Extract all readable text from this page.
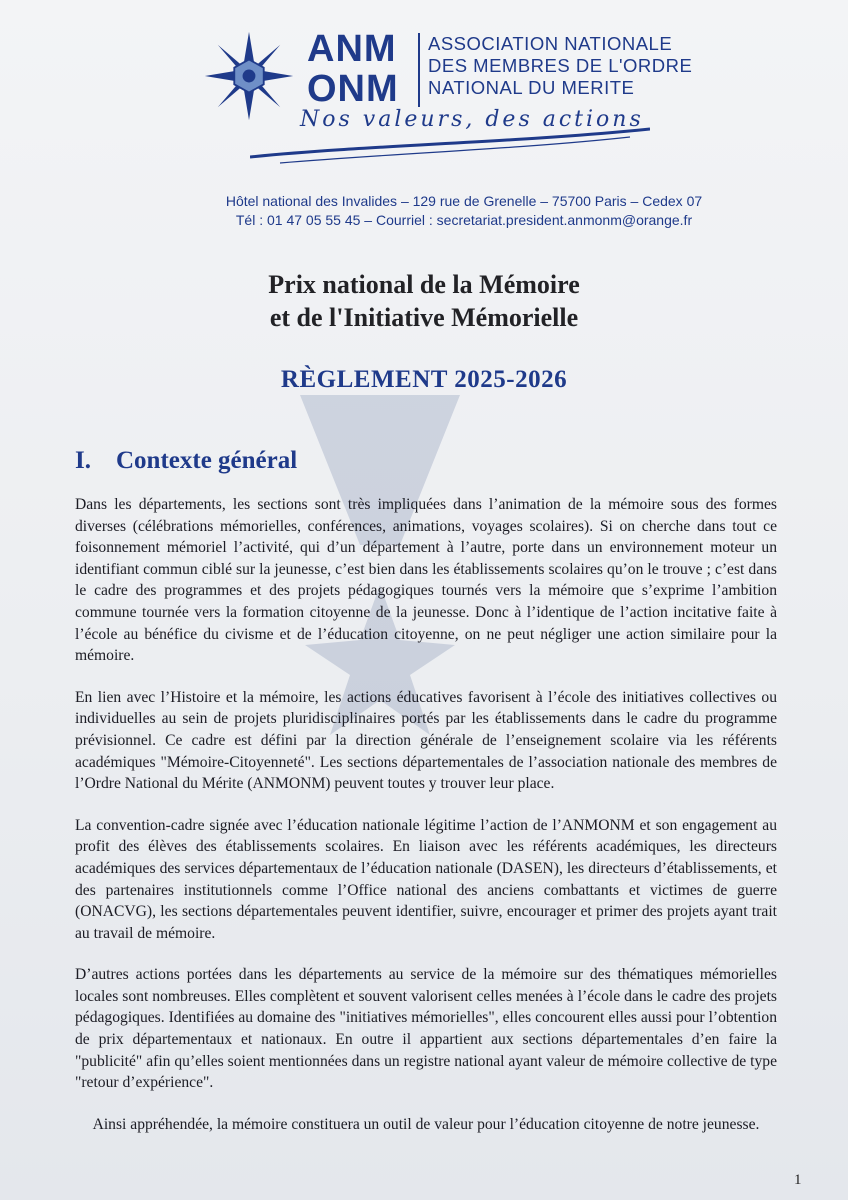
ANM
ONM
ASSOCIATION NATIONALE
DES MEMBRES DE L'ORDRE
NATIONAL DU MERITE
Nos valeurs, des actions
Hôtel national des Invalides – 129 rue de Grenelle – 75700 Paris – Cedex 07
Tél : 01 47 05 55 45 – Courriel : secretariat.president.anmonm@orange.fr
Prix national de la Mémoire
et de l'Initiative Mémorielle
RÈGLEMENT 2025-2026
I. Contexte général

Dans les départements, les sections sont très impliquées dans l’animation de la mémoire sous des formes diverses (célébrations mémorielles, conférences, animations, voyages scolaires). Si on cherche dans tout ce foisonnement mémoriel l’activité, qui d’un département à l’autre, porte dans un environnement moteur un identifiant commun ciblé sur la jeunesse, c’est bien dans les établissements scolaires qu’on le trouve ; c’est dans le cadre des programmes et des projets pédagogiques tournés vers la mémoire que s’exprime l’ambition commune tournée vers la formation citoyenne de la jeunesse. Donc à l’identique de l’action incitative faite à l’école au bénéfice du civisme et de l’éducation citoyenne, on ne peut négliger une action similaire pour la mémoire.

En lien avec l’Histoire et la mémoire, les actions éducatives favorisent à l’école des initiatives collectives ou individuelles au sein de projets pluridisciplinaires portés par les établissements dans le cadre du programme prévisionnel. Ce cadre est défini par la direction générale de l’enseignement scolaire via les référents académiques "Mémoire-Citoyenneté". Les sections départementales de l’association nationale des membres de l’Ordre National du Mérite (ANMONM) peuvent toutes y trouver leur place.

La convention-cadre signée avec l’éducation nationale légitime l’action de l’ANMONM et son engagement au profit des élèves des établissements scolaires. En liaison avec les référents académiques, les directeurs académiques des services départementaux de l’éducation nationale (DASEN), les directeurs d’établissements, et des partenaires institutionnels comme l’Office national des anciens combattants et victimes de guerre (ONACVG), les sections départementales peuvent identifier, suivre, encourager et primer des projets ayant trait au travail de mémoire.

D’autres actions portées dans les départements au service de la mémoire sur des thématiques mémorielles locales sont nombreuses. Elles complètent et souvent valorisent celles menées à l’école dans le cadre des projets pédagogiques. Identifiées au domaine des "initiatives mémorielles", elles concourent elles aussi pour l’obtention de prix départementaux et nationaux. En outre il appartient aux sections départementales d’en faire la "publicité" afin qu’elles soient mentionnées dans un registre national ayant valeur de mémoire collective de type "retour d’expérience".

Ainsi appréhendée, la mémoire constituera un outil de valeur pour l’éducation citoyenne de notre jeunesse.

1
